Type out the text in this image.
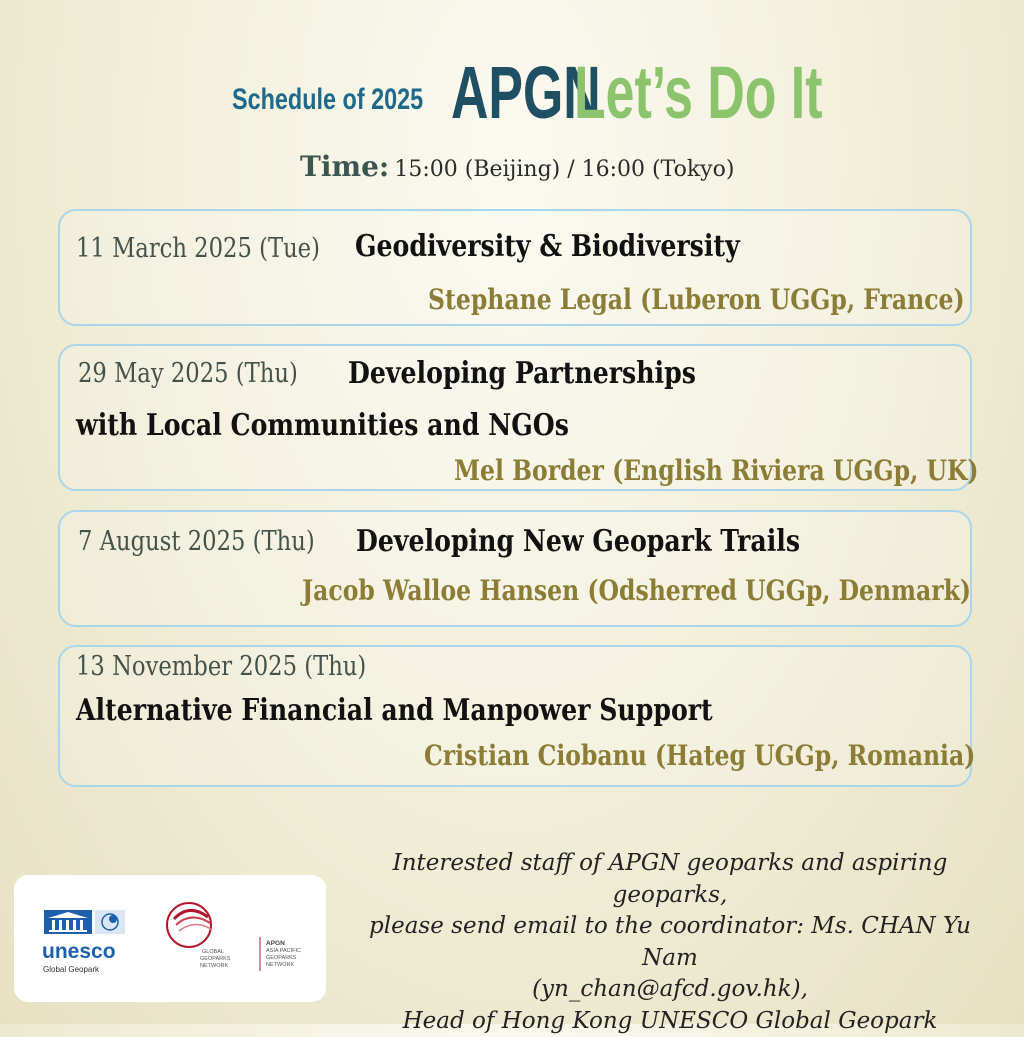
Schedule of 2025 APGN
Let’s Do It
Time: 15:00 (Beijing) / 16:00 (Tokyo)
11 March 2025 (Tue) Geodiversity & Biodiversity
Stephane Legal (Luberon UGGp, France)
29 May 2025 (Thu) Developing Partnerships
with Local Communities and NGOs
Mel Border (English Riviera UGGp, UK)
7 August 2025 (Thu) Developing New Geopark Trails
Jacob Walloe Hansen (Odsherred UGGp, Denmark)
13 November 2025 (Thu)
Alternative Financial and Manpower Support
Cristian Ciobanu (Hateg UGGp, Romania)
unesco
Global Geopark
GLOBAL
GEOPARKS
NETWORK
APGN
ASIA PACIFIC
GEOPARKS
NETWORK
Interested staff of APGN geoparks and aspiring geoparks,
please send email to the coordinator: Ms. CHAN Yu Nam
(yn_chan@afcd.gov.hk),
Head of Hong Kong UNESCO Global Geopark
